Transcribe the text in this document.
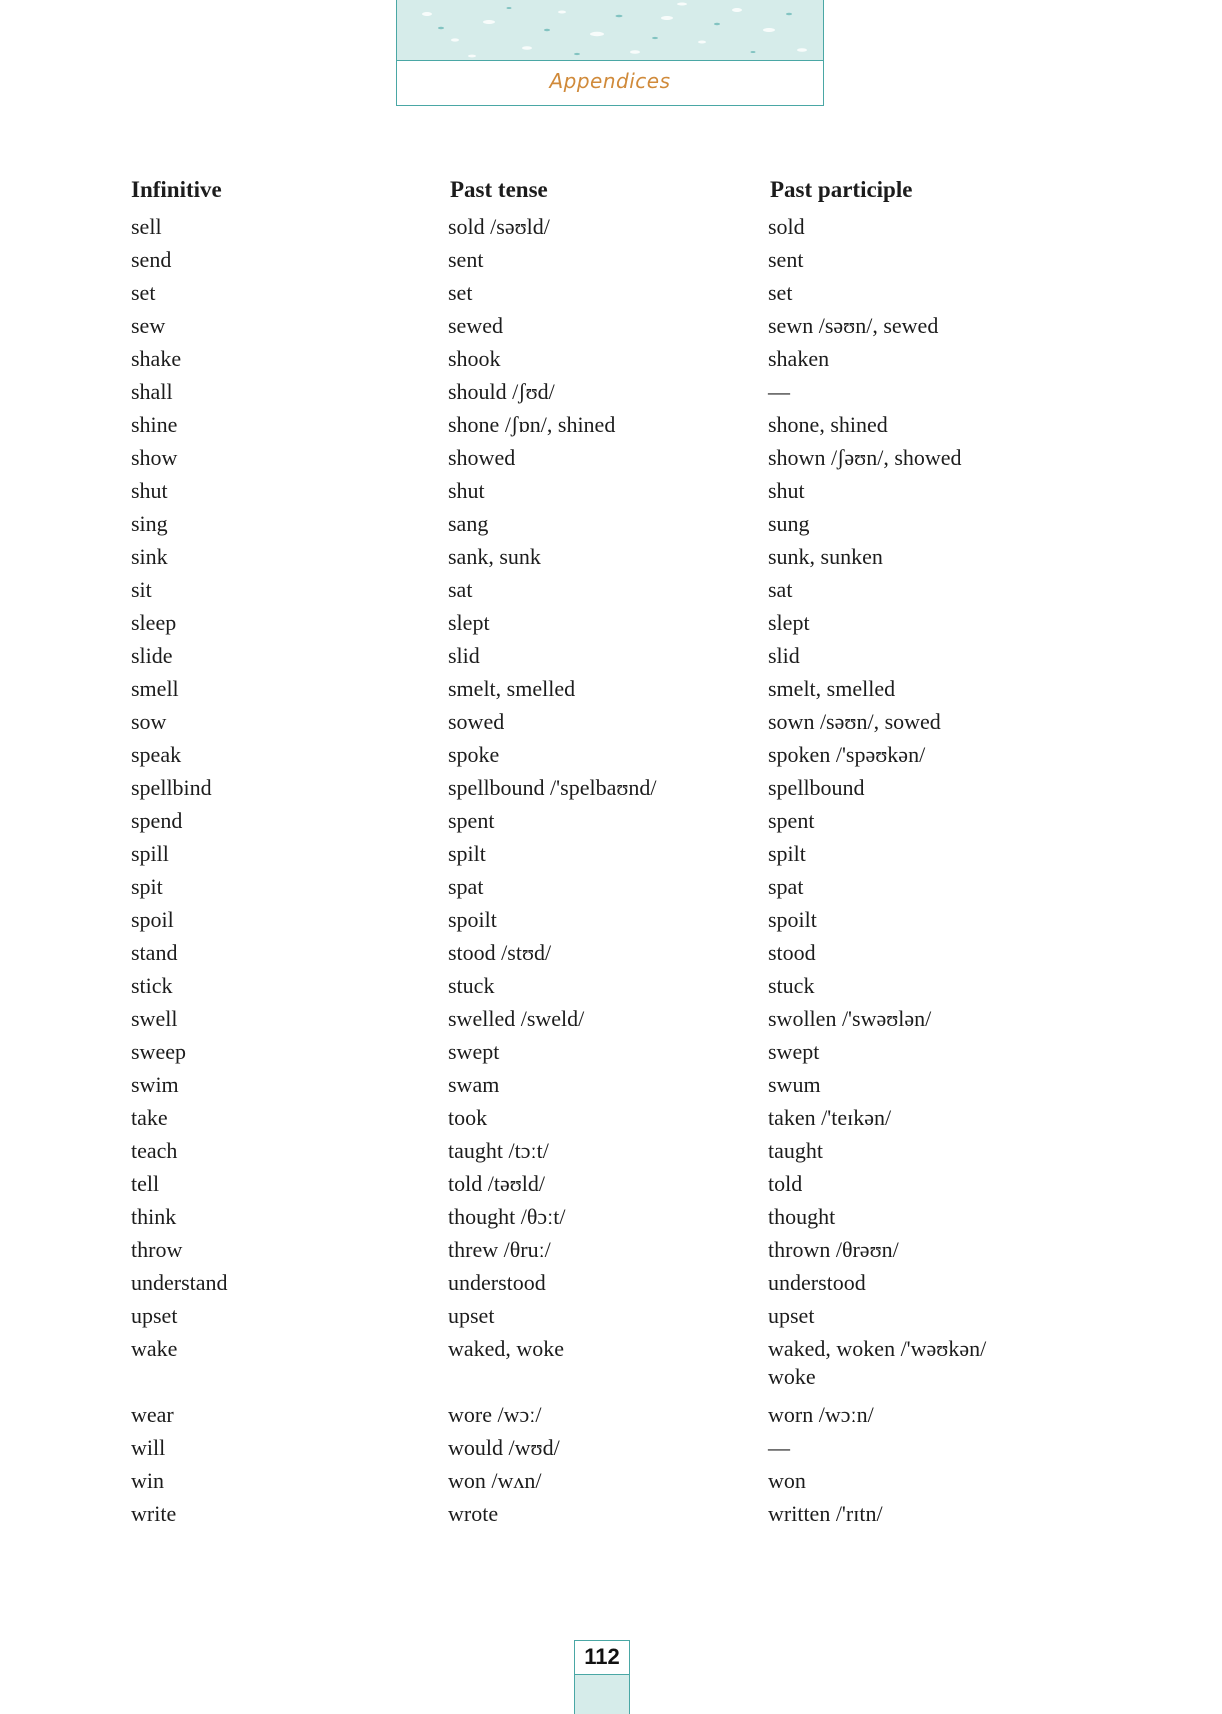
Appendices
Infinitive	Past tense	Past participle
sell	sold /səʊld/	sold
send	sent	sent
set	set	set
sew	sewed	sewn /səʊn/, sewed
shake	shook	shaken
shall	should /ʃʊd/	—
shine	shone /ʃɒn/, shined	shone, shined
show	showed	shown /ʃəʊn/, showed
shut	shut	shut
sing	sang	sung
sink	sank, sunk	sunk, sunken
sit	sat	sat
sleep	slept	slept
slide	slid	slid
smell	smelt, smelled	smelt, smelled
sow	sowed	sown /səʊn/, sowed
speak	spoke	spoken /'spəʊkən/
spellbind	spellbound /'spelbaʊnd/	spellbound
spend	spent	spent
spill	spilt	spilt
spit	spat	spat
spoil	spoilt	spoilt
stand	stood /stʊd/	stood
stick	stuck	stuck
swell	swelled /sweld/	swollen /'swəʊlən/
sweep	swept	swept
swim	swam	swum
take	took	taken /'teɪkən/
teach	taught /tɔːt/	taught
tell	told /təʊld/	told
think	thought /θɔːt/	thought
throw	threw /θruː/	thrown /θrəʊn/
understand	understood	understood
upset	upset	upset
wake	waked, woke	waked, woken /'wəʊkən/
woke
wear	wore /wɔː/	worn /wɔːn/
will	would /wʊd/	—
win	won /wʌn/	won
write	wrote	written /'rɪtn/
112
